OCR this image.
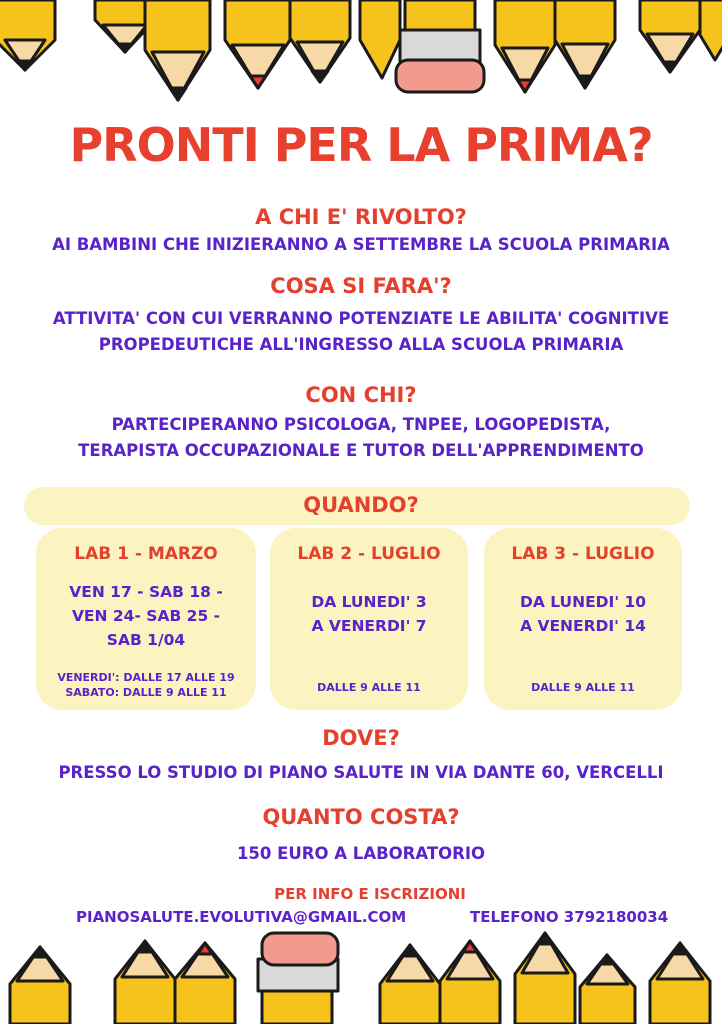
PRONTI PER LA PRIMA?
A CHI E' RIVOLTO?
AI BAMBINI CHE INIZIERANNO A SETTEMBRE LA SCUOLA PRIMARIA
COSA SI FARA'?
ATTIVITA' CON CUI VERRANNO POTENZIATE LE ABILITA' COGNITIVE
PROPEDEUTICHE ALL'INGRESSO ALLA SCUOLA PRIMARIA
CON CHI?
PARTECIPERANNO PSICOLOGA, TNPEE, LOGOPEDISTA,
TERAPISTA OCCUPAZIONALE E TUTOR DELL'APPRENDIMENTO
QUANDO?
LAB 1 - MARZO
VEN 17 - SAB 18 -
VEN 24- SAB 25 -
SAB 1/04
VENERDI': DALLE 17 ALLE 19
SABATO: DALLE 9 ALLE 11
LAB 2 - LUGLIO
DA LUNEDI' 3
A VENERDI' 7
DALLE 9 ALLE 11
LAB 3 - LUGLIO
DA LUNEDI' 10
A VENERDI' 14
DALLE 9 ALLE 11
DOVE?
PRESSO LO STUDIO DI PIANO SALUTE IN VIA DANTE 60, VERCELLI
QUANTO COSTA?
150 EURO A LABORATORIO
PER INFO E ISCRIZIONI
PIANOSALUTE.EVOLUTIVA@GMAIL.COM	TELEFONO 3792180034
